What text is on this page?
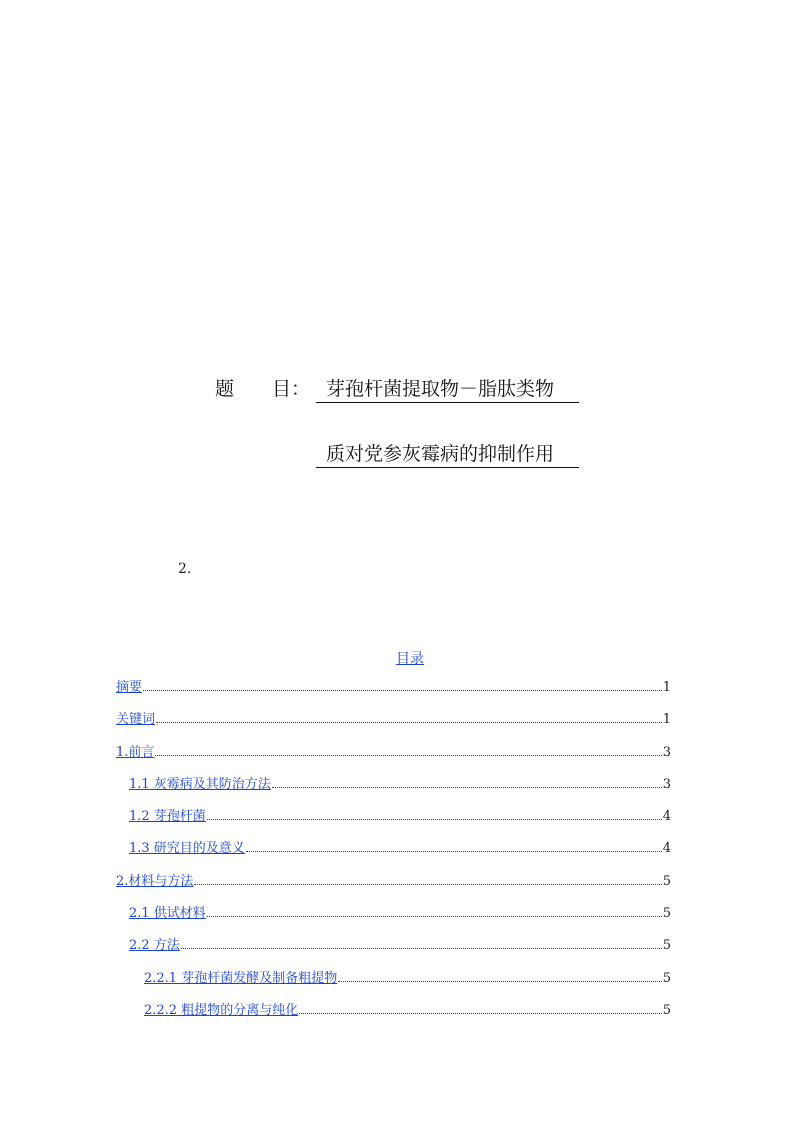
题 目： 芽孢杆菌提取物－脂肽类物
质对党参灰霉病的抑制作用
2.
目录
摘要	1
关键词	1
1.前言	3
1.1 灰霉病及其防治方法	3
1.2 芽孢杆菌	4
1.3 研究目的及意义	4
2.材料与方法	5
2.1 供试材料	5
2.2 方法	5
2.2.1 芽孢杆菌发酵及制备粗提物	5
2.2.2 粗提物的分离与纯化	5
